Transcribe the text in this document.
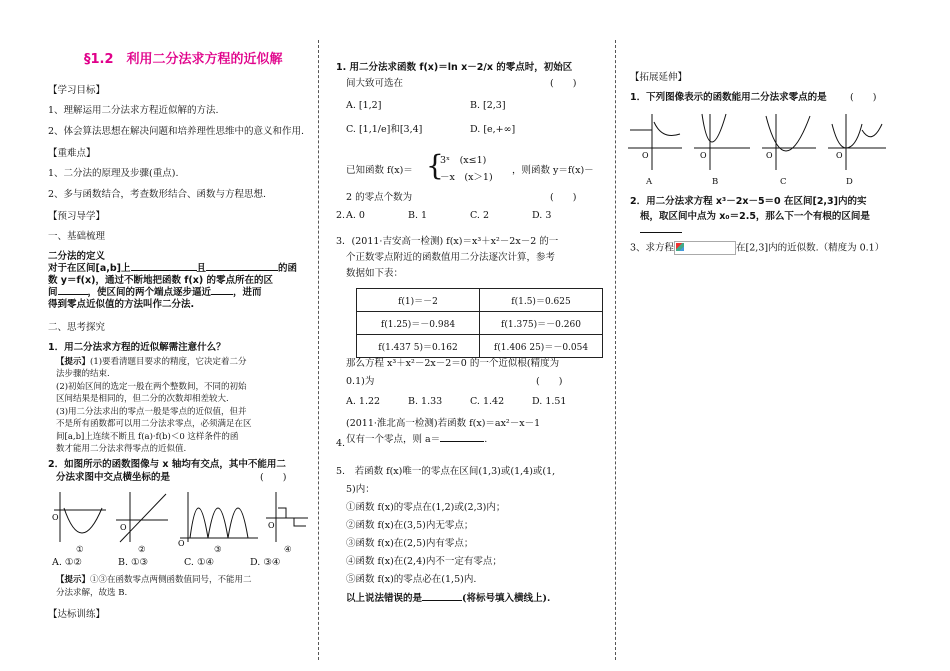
§1.2　利用二分法求方程的近似解
【学习目标】
1、理解运用二分法求方程近似解的方法.
2、体会算法思想在解决问题和培养理性思维中的意义和作用.
【重难点】
1、二分法的原理及步骤(重点).
2、多与函数结合，考查数形结合、函数与方程思想.
【预习导学】
一、基础梳理
二分法的定义
对于在区间[a,b]上	且	的函
数 y＝f(x)，通过不断地把函数 f(x) 的零点所在的区
间	，使区间的两个端点逐步逼近 ，进而
得到零点近似值的方法叫作二分法.
二、思考探究
1．用二分法求方程的近似解需注意什么？
【提示】(1)要看清题目要求的精度，它决定着二分
法步骤的结束.
(2)初始区间的选定一般在两个整数间，不同的初始
区间结果是相同的，但二分的次数却相差较大.
(3)用二分法求出的零点一般是零点的近似值，但并
不是所有函数都可以用二分法求零点，必须满足在区
间[a,b]上连续不断且 f(a)·f(b)＜0 这样条件的函
数才能用二分法求得零点的近似值.
2．如图所示的函数图像与 x 轴均有交点，其中不能用二
分法求图中交点横坐标的是	(　　)
O
O
O
O
①	②	③	④
A. ①②	B. ①③	C. ①④	D. ③④
【提示】①③在函数零点两侧函数值同号，不能用二
分法求解，故选 B.
【达标训练】
1. 用二分法求函数 f(x)＝ln x－2/x 的零点时，初始区
间大致可选在	(　　)
A. [1,2]	B. [2,3]
C. [1,1/e]和[3,4]	D. [e,+∞]
已知函数 f(x)＝ {
3ˣ　(x≤1)
－x　(x＞1)
，则函数 y＝f(x)－
2 的零点个数为	(　　)
2. A. 0	B. 1	C. 2	D. 3
3．(2011·吉安高一检测) f(x)＝x³＋x²－2x－2 的一
个正数零点附近的函数值用二分法逐次计算，参考
数据如下表：
f(1)＝－2	f(1.5)＝0.625
f(1.25)＝－0.984	f(1.375)＝－0.260
f(1.437 5)＝0.162	f(1.406 25)＝－0.054
那么方程 x³＋x²－2x－2＝0 的一个近似根(精度为
0.1)为	(　　)
A. 1.22	B. 1.33	C. 1.42	D. 1.51
(2011·淮北高一检测)若函数 f(x)＝ax²－x－1
4. 仅有一个零点，则 a＝	.
5.　若函数 f(x)唯一的零点在区间(1,3)或(1,4)或(1,
5)内：
①函数 f(x)的零点在(1,2)或(2,3)内；
②函数 f(x)在(3,5)内无零点；
③函数 f(x)在(2,5)内有零点；
④函数 f(x)在(2,4)内不一定有零点；
⑤函数 f(x)的零点必在(1,5)内.
以上说法错误的是	(将标号填入横线上).
【拓展延伸】
1．下列图像表示的函数能用二分法求零点的是 (　　)
O	O	O	O
A	B	C	D
2．用二分法求方程 x³－2x－5＝0 在区间[2,3]内的实
根，取区间中点为 x₀＝2.5，那么下一个有根的区间是
3、求方程	在[2,3]内的近似数.（精度为 0.1）
